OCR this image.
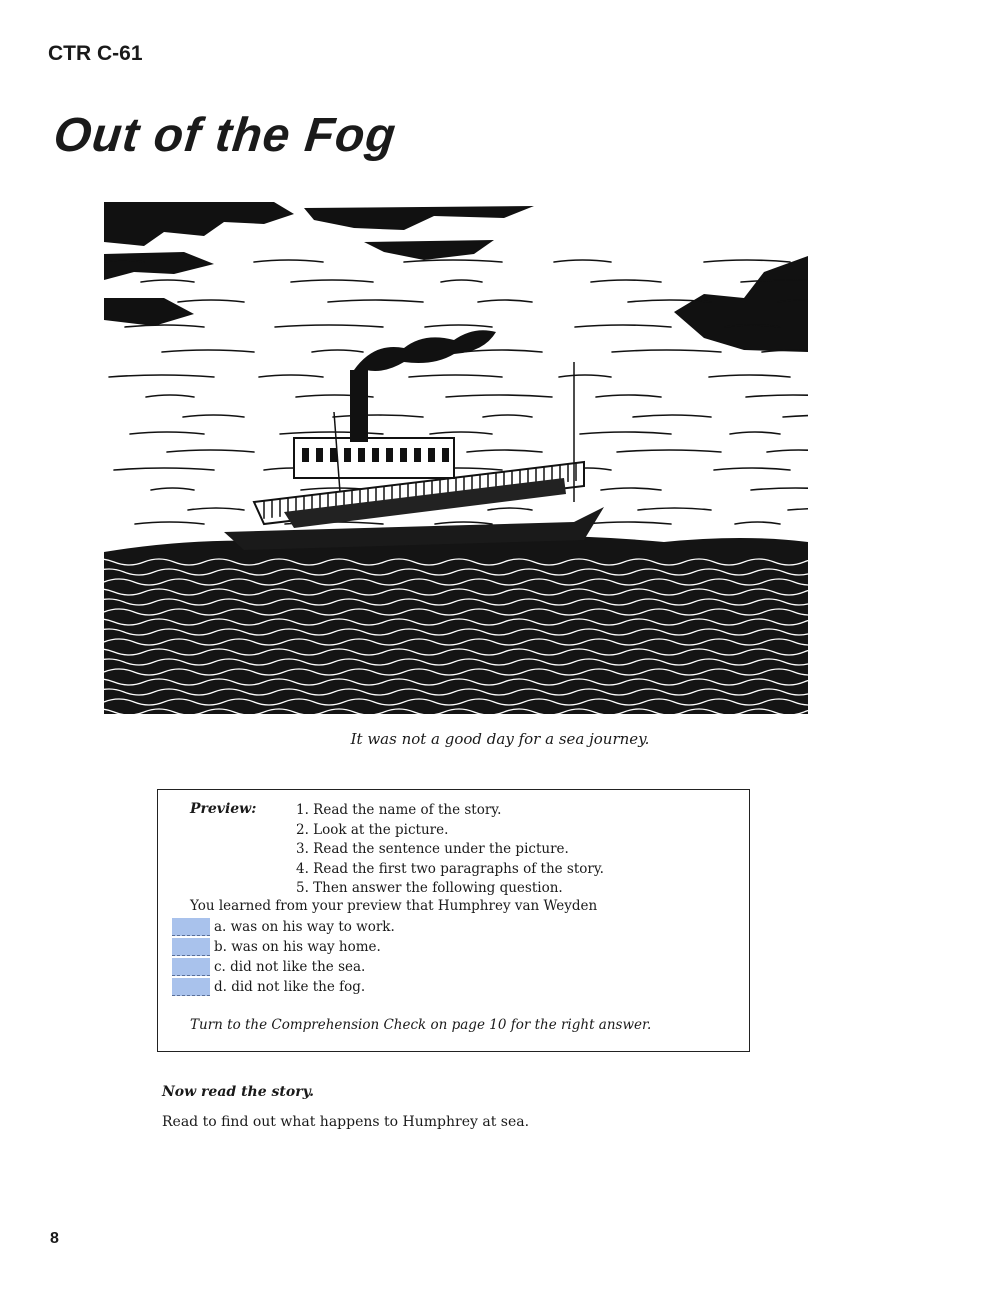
CTR C-61
Out of the Fog
It was not a good day for a sea journey.
Preview:	1. Read the name of the story.
2. Look at the picture.
3. Read the sentence under the picture.
4. Read the first two paragraphs of the story.
5. Then answer the following question.
You learned from your preview that Humphrey van Weyden
a. was on his way to work.
b. was on his way home.
c. did not like the sea.
d. did not like the fog.
Turn to the Comprehension Check on page 10 for the right answer.
Now read the story.
Read to find out what happens to Humphrey at sea.
8
